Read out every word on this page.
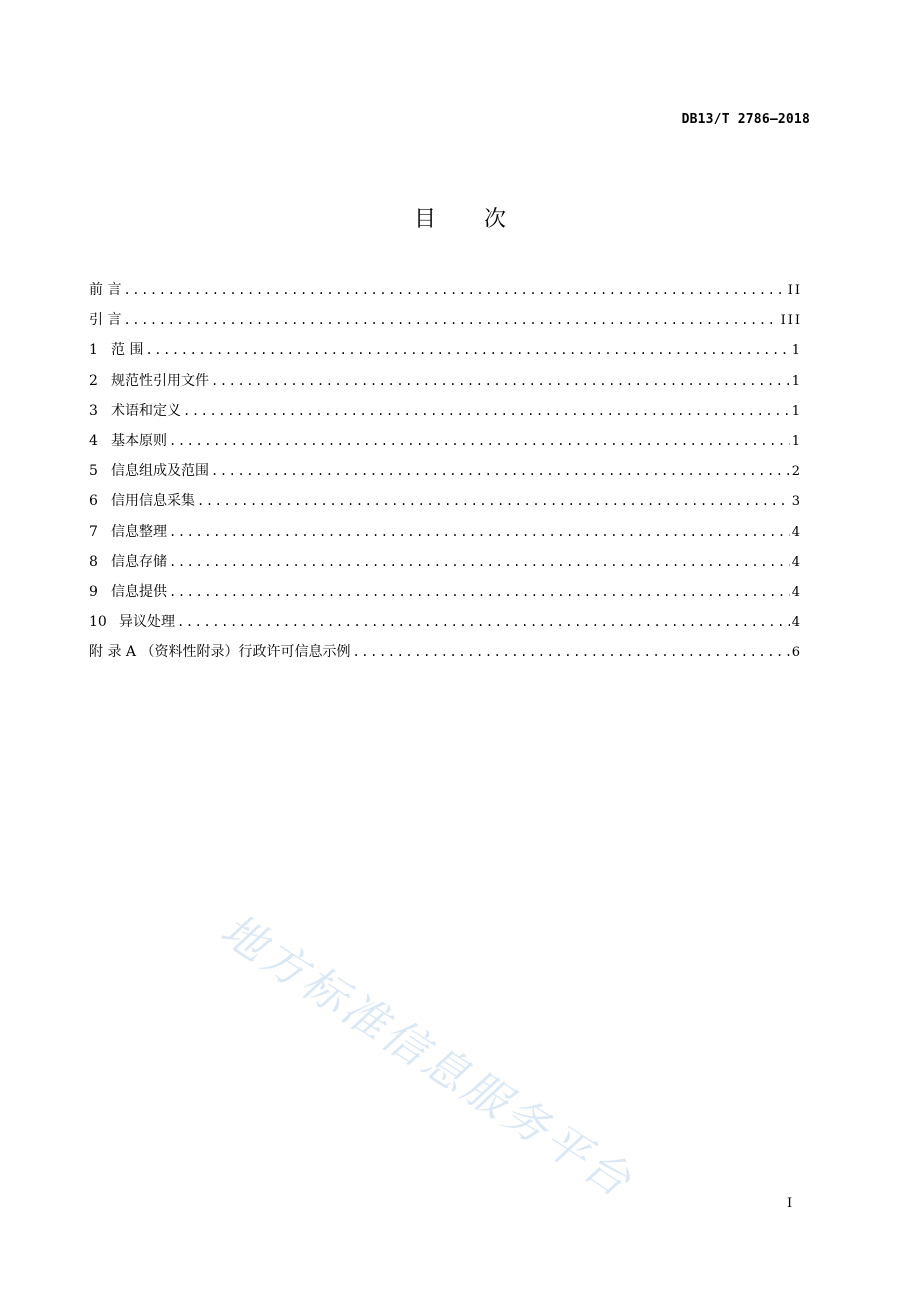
DB13/T 2786—2018
目 次
前 言 .....	II
引 言 .....	III
1 范 围 .....	1
2 规范性引用文件 .....	1
3 术语和定义 .....	1
4 基本原则 .....	1
5 信息组成及范围 .....	2
6 信用信息采集 .....	3
7 信息整理 .....	4
8 信息存储 .....	4
9 信息提供 .....	4
10 异议处理 .....	4
附 录 A （资料性附录）行政许可信息示例 .....	6
地方标准信息服务平台	I
